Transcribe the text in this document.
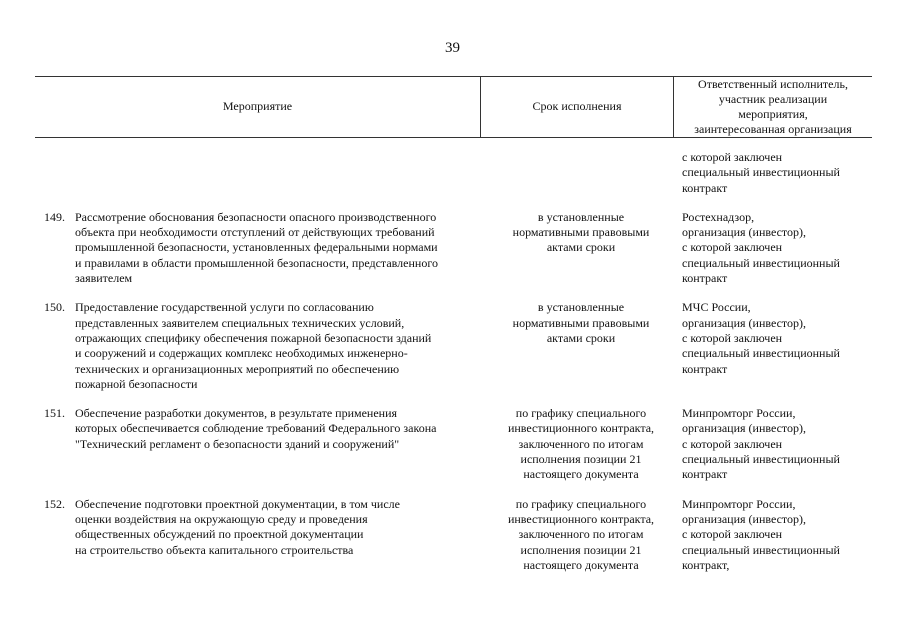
39
Мероприятие	Срок исполнения
Ответственный исполнитель,
участник реализации
мероприятия,
заинтересованная организация
с которой заключен
специальный инвестиционный
контракт
149. Рассмотрение обоснования безопасности опасного производственного
объекта при необходимости отступлений от действующих требований
промышленной безопасности, установленных федеральными нормами
и правилами в области промышленной безопасности, представленного
заявителем
в установленные
нормативными правовыми
актами сроки
Ростехнадзор,
организация (инвестор),
с которой заключен
специальный инвестиционный
контракт
150. Предоставление государственной услуги по согласованию
представленных заявителем специальных технических условий,
отражающих специфику обеспечения пожарной безопасности зданий
и сооружений и содержащих комплекс необходимых инженерно-
технических и организационных мероприятий по обеспечению
пожарной безопасности
в установленные
нормативными правовыми
актами сроки
МЧС России,
организация (инвестор),
с которой заключен
специальный инвестиционный
контракт
151. Обеспечение разработки документов, в результате применения
которых обеспечивается соблюдение требований Федерального закона
"Технический регламент о безопасности зданий и сооружений"
по графику специального
инвестиционного контракта,
заключенного по итогам
исполнения позиции 21
настоящего документа
Минпромторг России,
организация (инвестор),
с которой заключен
специальный инвестиционный
контракт
152. Обеспечение подготовки проектной документации, в том числе
оценки воздействия на окружающую среду и проведения
общественных обсуждений по проектной документации
на строительство объекта капитального строительства
по графику специального
инвестиционного контракта,
заключенного по итогам
исполнения позиции 21
настоящего документа
Минпромторг России,
организация (инвестор),
с которой заключен
специальный инвестиционный
контракт,
